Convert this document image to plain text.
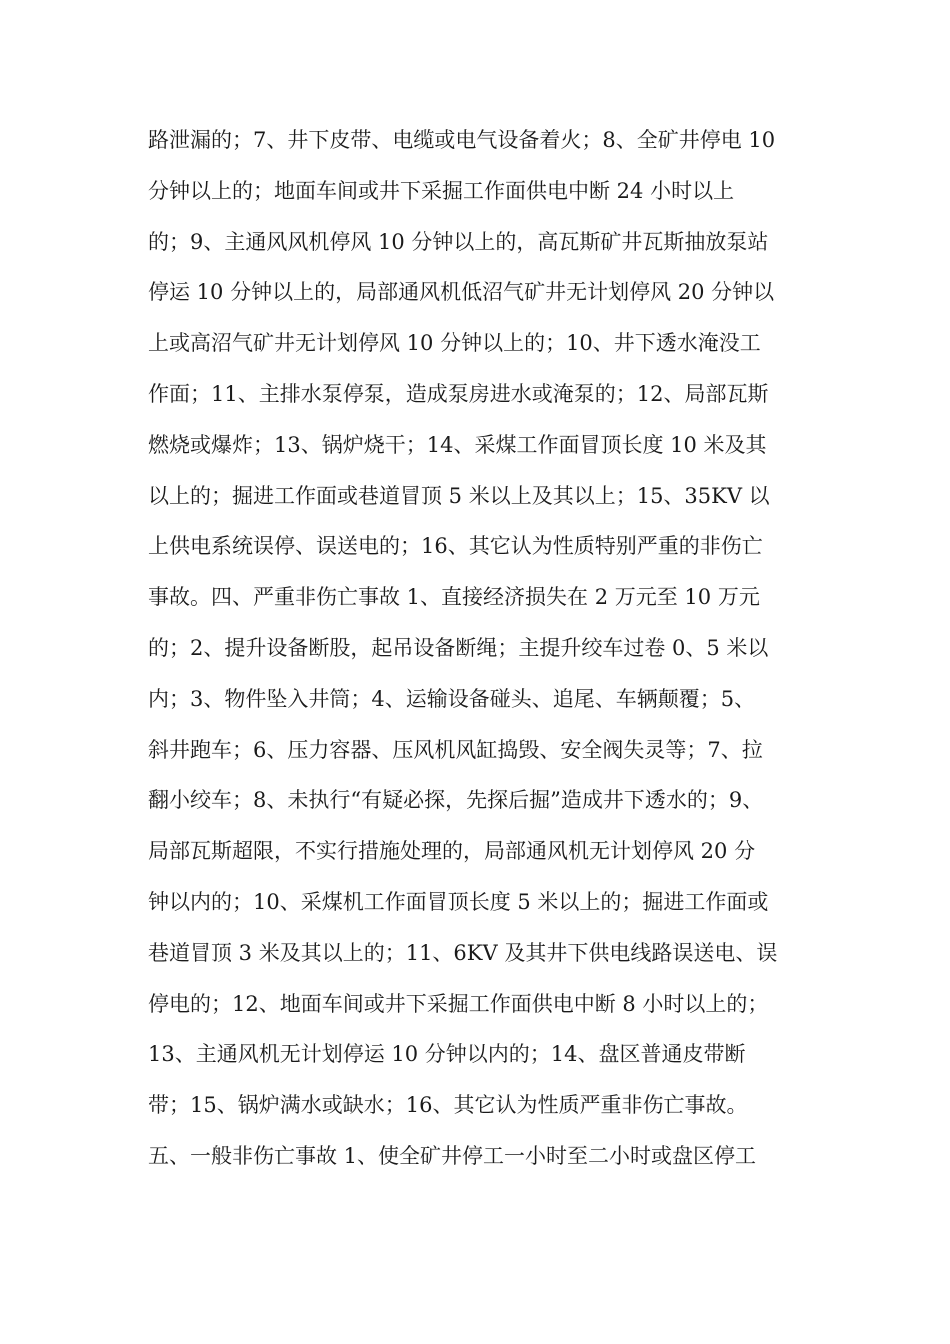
路泄漏的；7、井下皮带、电缆或电气设备着火；8、全矿井停电 10
分钟以上的；地面车间或井下采掘工作面供电中断 24 小时以上
的；9、主通风风机停风 10 分钟以上的，高瓦斯矿井瓦斯抽放泵站
停运 10 分钟以上的，局部通风机低沼气矿井无计划停风 20 分钟以
上或高沼气矿井无计划停风 10 分钟以上的；10、井下透水淹没工
作面；11、主排水泵停泵，造成泵房进水或淹泵的；12、局部瓦斯
燃烧或爆炸；13、锅炉烧干；14、采煤工作面冒顶长度 10 米及其
以上的；掘进工作面或巷道冒顶 5 米以上及其以上；15、35KV 以
上供电系统误停、误送电的；16、其它认为性质特别严重的非伤亡
事故。四、严重非伤亡事故 1、直接经济损失在 2 万元至 10 万元
的；2、提升设备断股，起吊设备断绳；主提升绞车过卷 0、5 米以
内；3、物件坠入井筒；4、运输设备碰头、追尾、车辆颠覆；5、
斜井跑车；6、压力容器、压风机风缸捣毁、安全阀失灵等；7、拉
翻小绞车；8、未执行“有疑必探，先探后掘”造成井下透水的；9、
局部瓦斯超限，不实行措施处理的，局部通风机无计划停风 20 分
钟以内的；10、采煤机工作面冒顶长度 5 米以上的；掘进工作面或
巷道冒顶 3 米及其以上的；11、6KV 及其井下供电线路误送电、误
停电的；12、地面车间或井下采掘工作面供电中断 8 小时以上的；
13、主通风机无计划停运 10 分钟以内的；14、盘区普通皮带断
带；15、锅炉满水或缺水；16、其它认为性质严重非伤亡事故。
五、一般非伤亡事故 1、使全矿井停工一小时至二小时或盘区停工
